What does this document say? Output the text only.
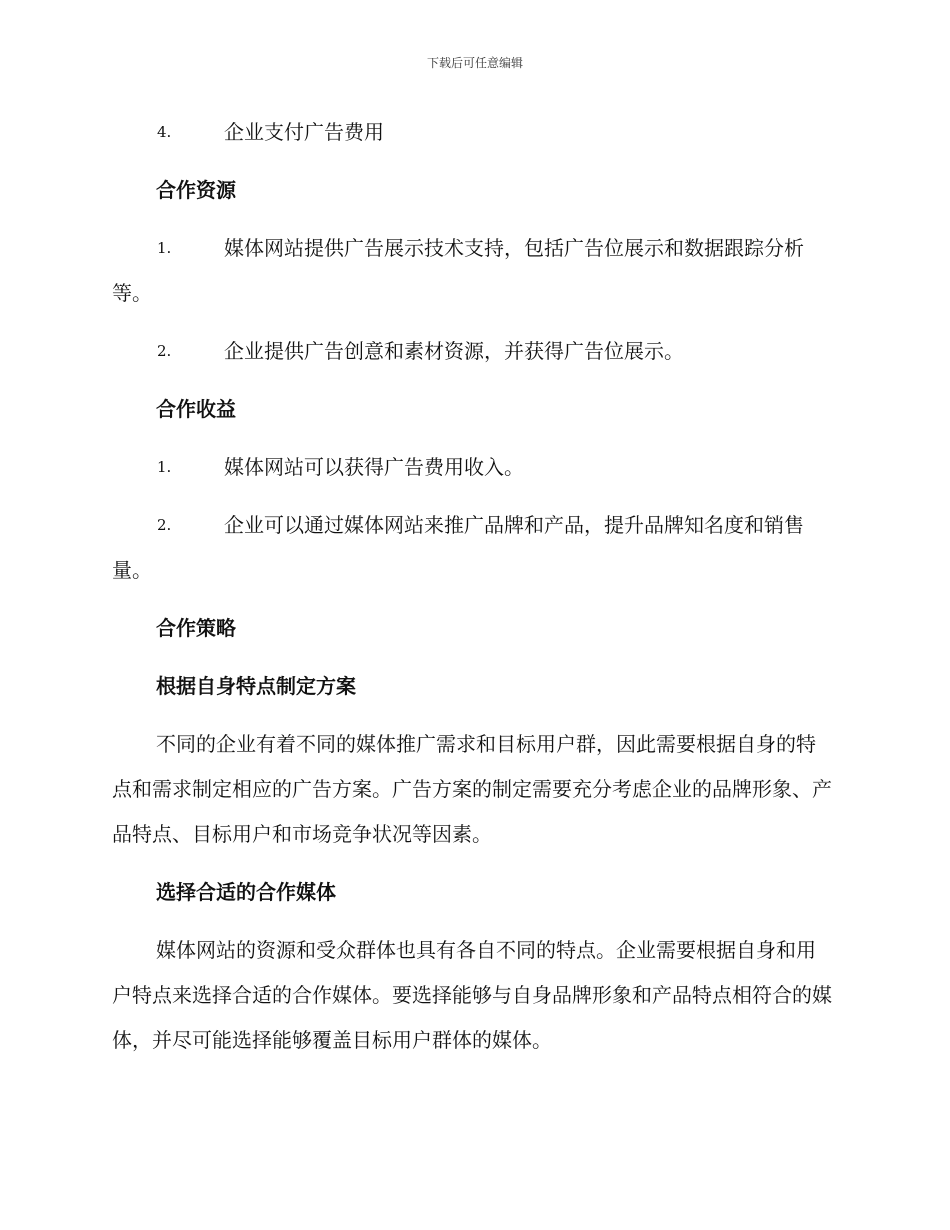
下载后可任意编辑
4.	企业支付广告费用
合作资源
1.	媒体网站提供广告展示技术支持，包括广告位展示和数据跟踪分析等。
2.	企业提供广告创意和素材资源，并获得广告位展示。
合作收益
1.	媒体网站可以获得广告费用收入。
2.	企业可以通过媒体网站来推广品牌和产品，提升品牌知名度和销售量。
合作策略
根据自身特点制定方案
不同的企业有着不同的媒体推广需求和目标用户群，因此需要根据自身的特点和需求制定相应的广告方案。广告方案的制定需要充分考虑企业的品牌形象、产品特点、目标用户和市场竞争状况等因素。
选择合适的合作媒体
媒体网站的资源和受众群体也具有各自不同的特点。企业需要根据自身和用户特点来选择合适的合作媒体。要选择能够与自身品牌形象和产品特点相符合的媒体，并尽可能选择能够覆盖目标用户群体的媒体。
